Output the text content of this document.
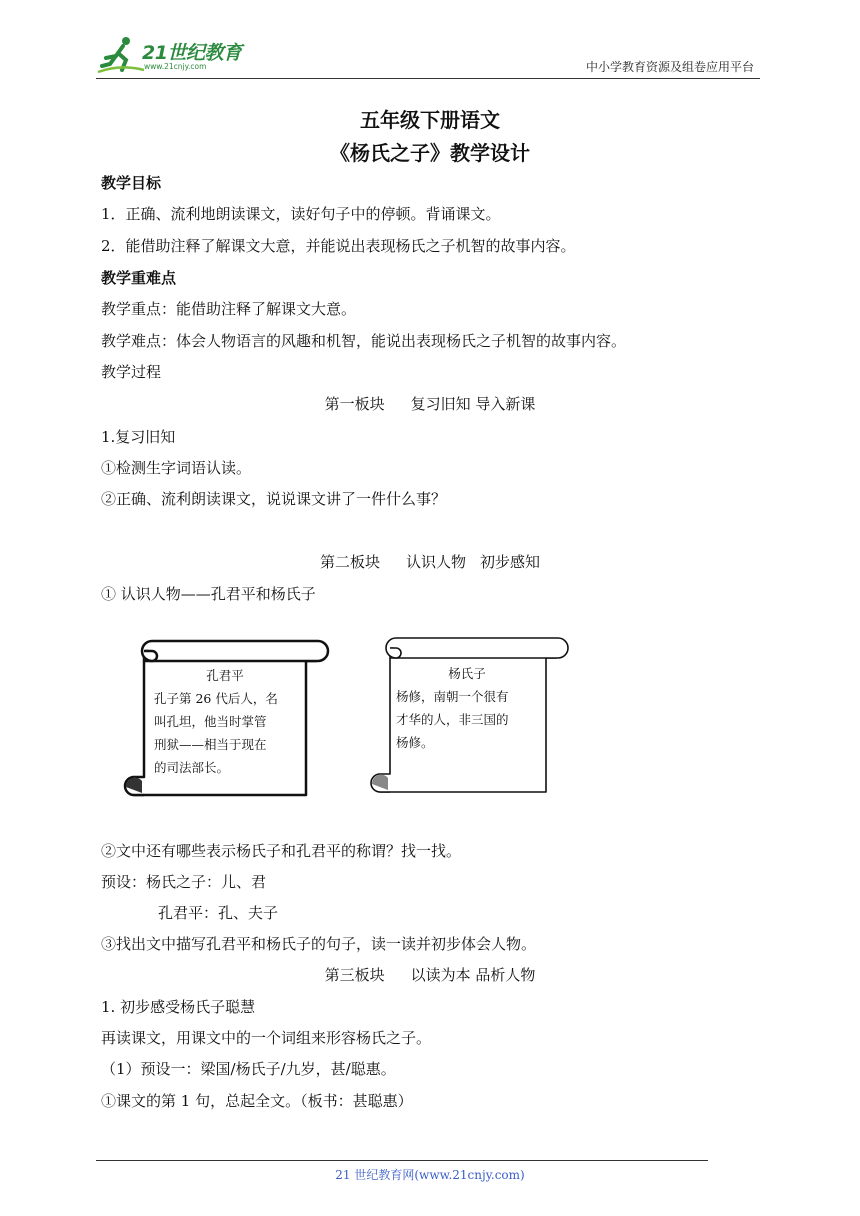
21世纪教育
www.21cnjy.com	中小学教育资源及组卷应用平台
五年级下册语文
《杨氏之子》教学设计
教学目标
1．正确、流利地朗读课文，读好句子中的停顿。背诵课文。
2．能借助注释了解课文大意，并能说出表现杨氏之子机智的故事内容。
教学重难点
教学重点：能借助注释了解课文大意。
教学难点：体会人物语言的风趣和机智，能说出表现杨氏之子机智的故事内容。
教学过程
第一板块 复习旧知 导入新课
1.复习旧知
①检测生字词语认读。
②正确、流利朗读课文，说说课文讲了一件什么事？
第二板块 认识人物 初步感知
① 认识人物——孔君平和杨氏子
孔君平
孔子第 26 代后人，名
叫孔坦，他当时掌管
刑狱——相当于现在
的司法部长。
杨氏子
杨修，南朝一个很有
才华的人，非三国的
杨修。
②文中还有哪些表示杨氏子和孔君平的称谓？找一找。
预设：杨氏之子：儿、君
孔君平：孔、夫子
③找出文中描写孔君平和杨氏子的句子，读一读并初步体会人物。
第三板块 以读为本 品析人物
1. 初步感受杨氏子聪慧
再读课文，用课文中的一个词组来形容杨氏之子。
（1）预设一：梁国/杨氏子/九岁，甚/聪惠。
①课文的第 1 句，总起全文。（板书：甚聪惠）
21 世纪教育网(www.21cnjy.com)
